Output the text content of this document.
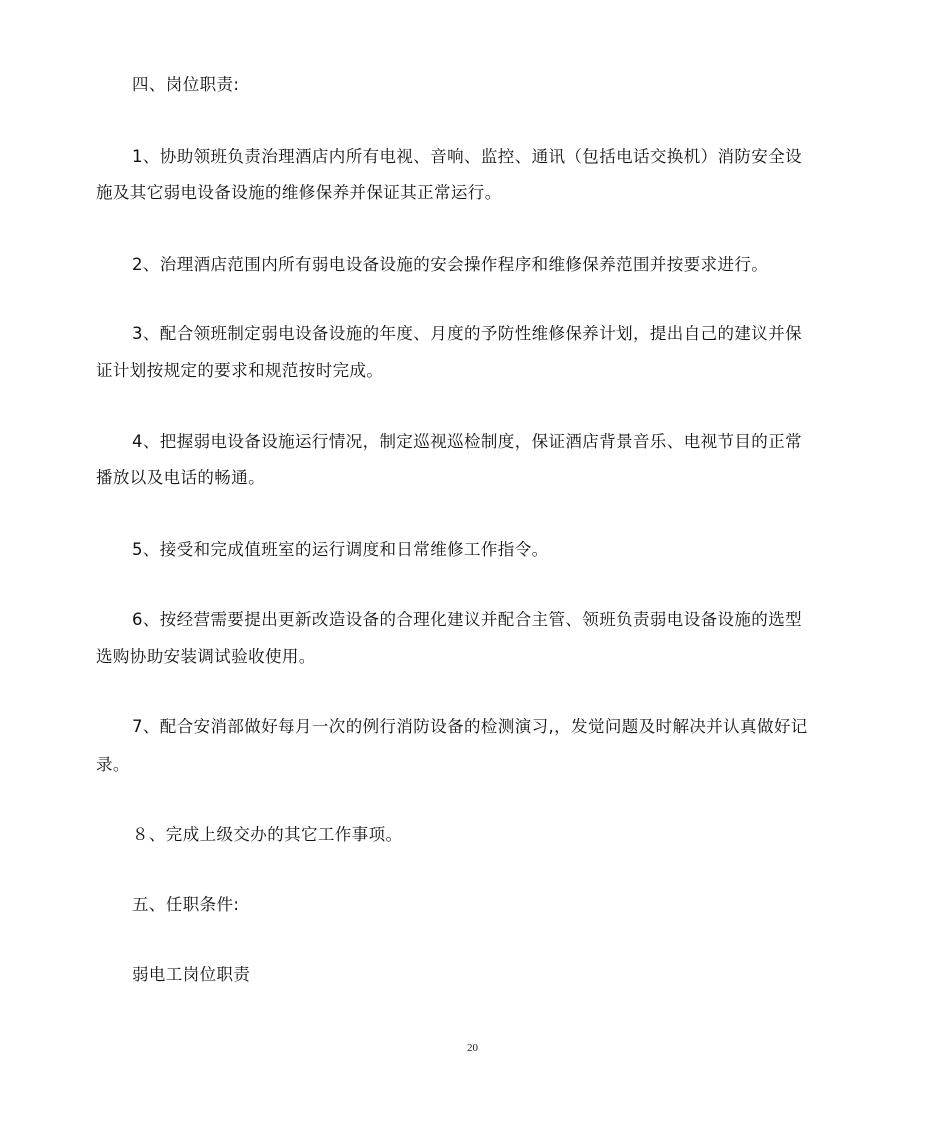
四、岗位职责:
1、协助领班负责治理酒店内所有电视、音响、监控、通讯（包括电话交换机）消防安全设
施及其它弱电设备设施的维修保养并保证其正常运行。
2、治理酒店范围内所有弱电设备设施的安会操作程序和维修保养范围并按要求进行。
3、配合领班制定弱电设备设施的年度、月度的予防性维修保养计划，提出自己的建议并保
证计划按规定的要求和规范按时完成。
4、把握弱电设备设施运行情况，制定巡视巡检制度，保证酒店背景音乐、电视节目的正常
播放以及电话的畅通。
5、接受和完成值班室的运行调度和日常维修工作指令。
6、按经营需要提出更新改造设备的合理化建议并配合主管、领班负责弱电设备设施的选型
选购协助安装调试验收使用。
7、配合安消部做好每月一次的例行消防设备的检测演习,，发觉问题及时解决并认真做好记
录。
８、完成上级交办的其它工作事项。
五、任职条件:
弱电工岗位职责
20
